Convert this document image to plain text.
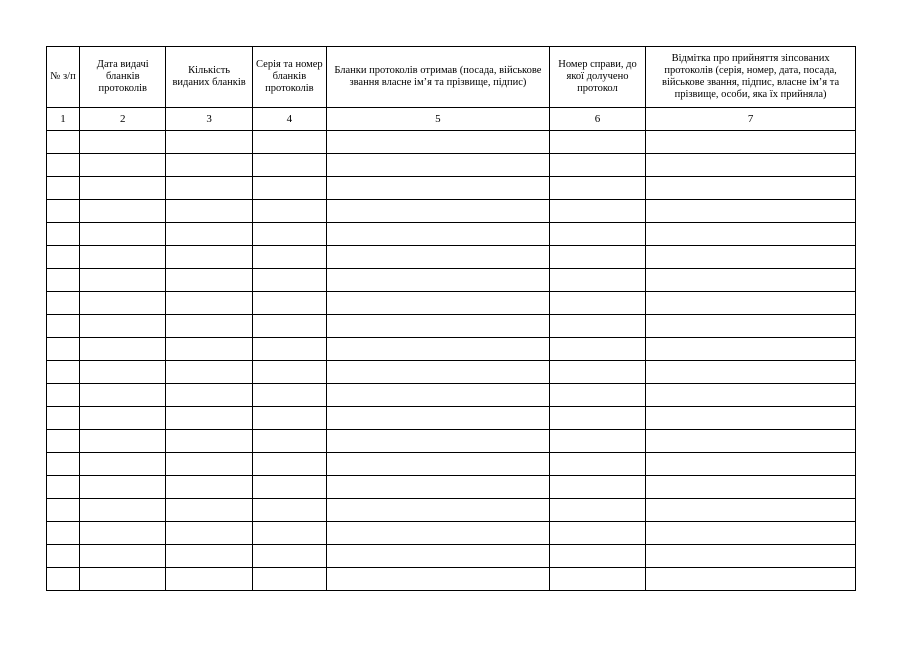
№ з/п	Дата видачі бланків протоколів	Кількість виданих бланків	Серія та номер бланків протоколів	Бланки протоколів отримав (посада, військове звання власне ім’я та прізвище, підпис)	Номер справи, до якої долучено протокол	Відмітка про прийняття зіпсованих протоколів (серія, номер, дата, посада, військове звання, підпис, власне ім’я та прізвище, особи, яка їх прийняла)
1	2	3	4	5	6	7
